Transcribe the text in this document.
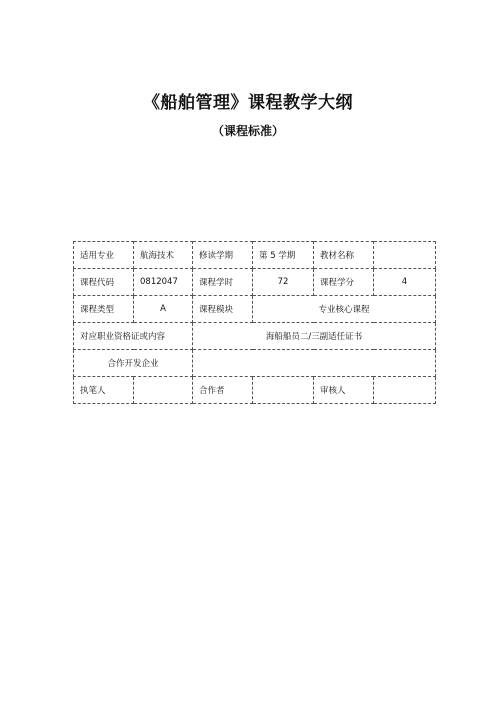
《船舶管理》课程教学大纲
（课程标准）
适用专业	航海技术	修读学期	第 5 学期	教材名称	
课程代码	0812047	课程学时	72	课程学分	4
课程类型	A	课程模块	专业核心课程		
对应职业资格证或内容		海船船员二/三副适任证书			
合作开发企业					
执笔人		合作者		审核人	
